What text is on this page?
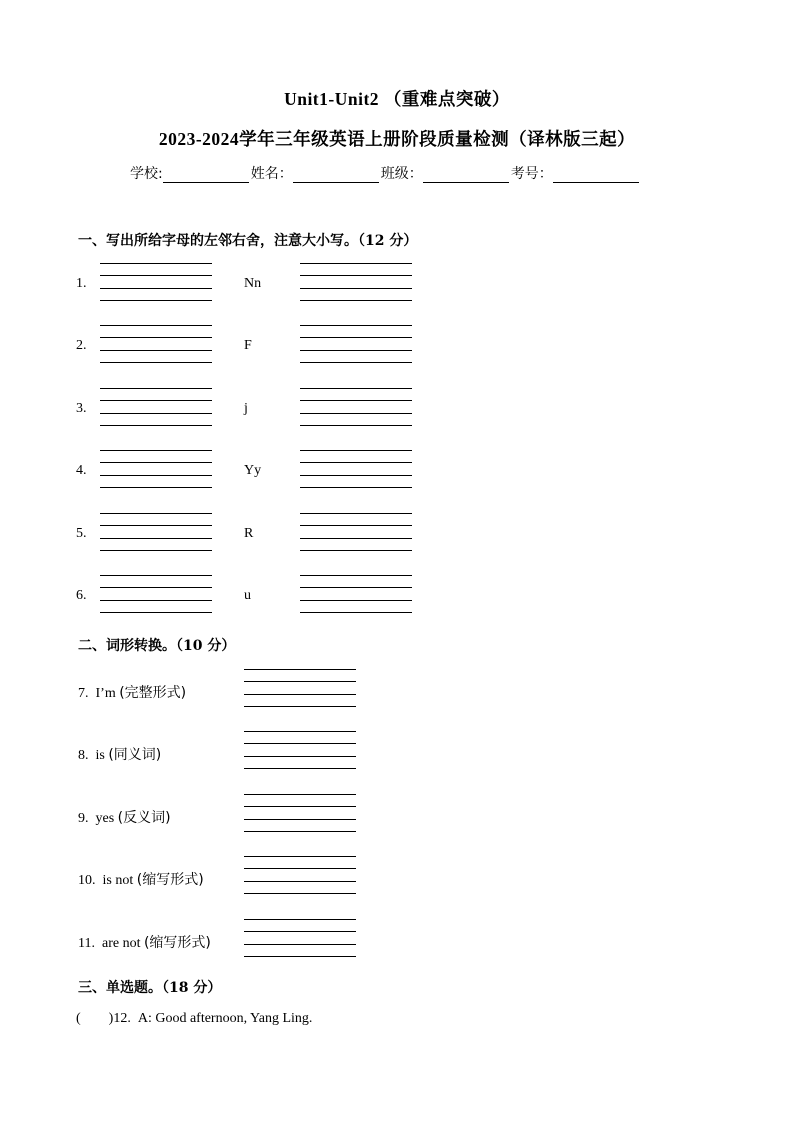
Unit1-Unit2 （重难点突破）
2023-2024学年三年级英语上册阶段质量检测（译林版三起）
学校:	姓名：	班级：	考号：
一、写出所给字母的左邻右舍，注意大小写。（12 分）
1.	Nn
2.	F
3.	j
4.	Yy
5.	R
6.	u
二、词形转换。（10 分）
7. I’m (完整形式)
8. is (同义词)
9. yes (反义词)
10. is not (缩写形式)
11. are not (缩写形式)
三、单选题。（18 分）
(        )12. A: Good afternoon, Yang Ling.
